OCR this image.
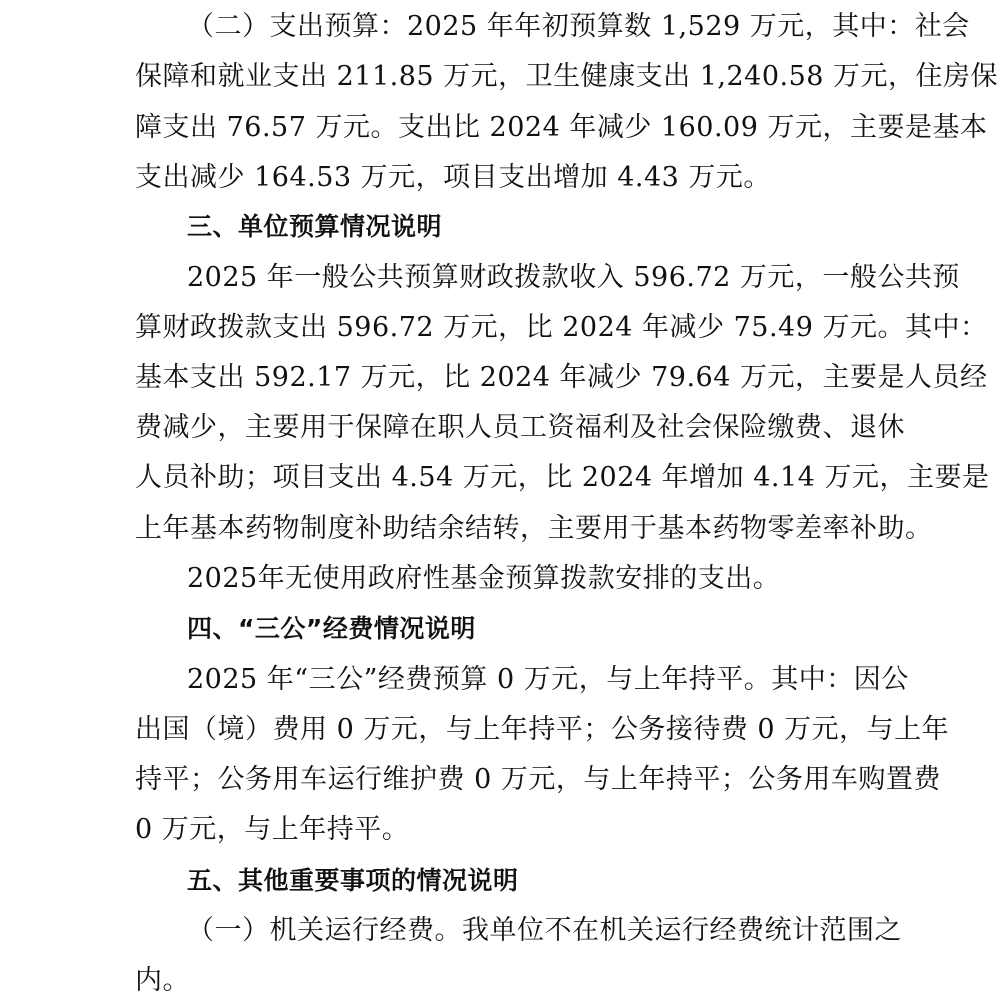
（二）支出预算：2025 年年初预算数 1,529 万元，其中：社会
保障和就业支出 211.85 万元，卫生健康支出 1,240.58 万元，住房保
障支出 76.57 万元。支出比 2024 年减少 160.09 万元，主要是基本
支出减少 164.53 万元，项目支出增加 4.43 万元。
三、单位预算情况说明
2025 年一般公共预算财政拨款收入 596.72 万元，一般公共预
算财政拨款支出 596.72 万元，比 2024 年减少 75.49 万元。其中：
基本支出 592.17 万元，比 2024 年减少 79.64 万元，主要是人员经
费减少，主要用于保障在职人员工资福利及社会保险缴费、退休
人员补助；项目支出 4.54 万元，比 2024 年增加 4.14 万元，主要是
上年基本药物制度补助结余结转，主要用于基本药物零差率补助。
2025年无使用政府性基金预算拨款安排的支出。
四、“三公”经费情况说明
2025 年“三公”经费预算 0 万元，与上年持平。其中：因公
出国（境）费用 0 万元，与上年持平；公务接待费 0 万元，与上年
持平；公务用车运行维护费 0 万元，与上年持平；公务用车购置费
0 万元，与上年持平。
五、其他重要事项的情况说明
（一）机关运行经费。我单位不在机关运行经费统计范围之
内。
